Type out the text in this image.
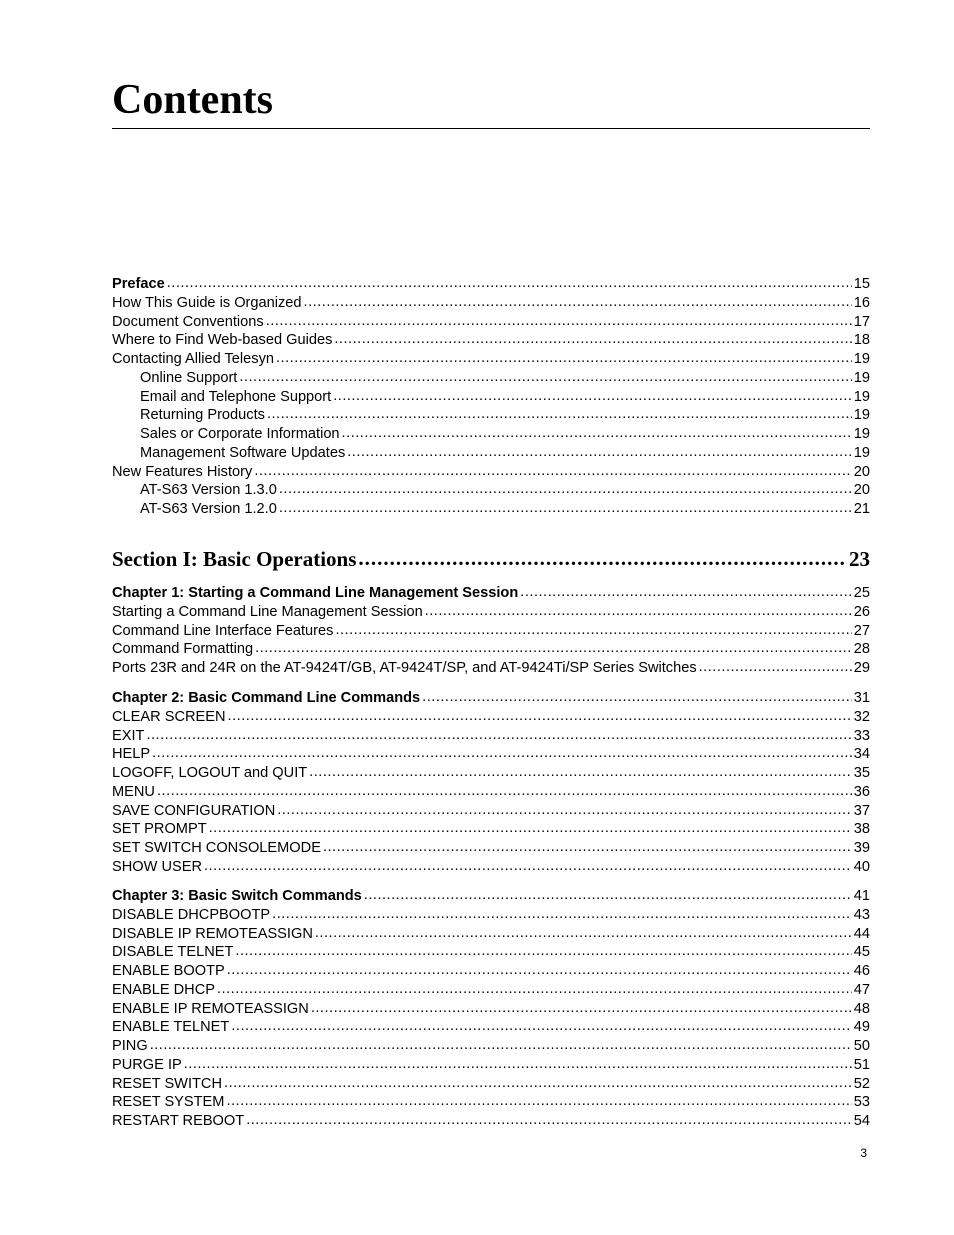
Contents
Preface .....	15
How This Guide is Organized .....	16
Document Conventions .....	17
Where to Find Web-based Guides .....	18
Contacting Allied Telesyn .....	19
Online Support .....	19
Email and Telephone Support .....	19
Returning Products .....	19
Sales or Corporate Information .....	19
Management Software Updates .....	19
New Features History .....	20
AT-S63 Version 1.3.0 .....	20
AT-S63 Version 1.2.0 .....	21
Section I: Basic Operations .....	23
Chapter 1: Starting a Command Line Management Session .....	25
Starting a Command Line Management Session .....	26
Command Line Interface Features .....	27
Command Formatting .....	28
Ports 23R and 24R on the AT-9424T/GB, AT-9424T/SP, and AT-9424Ti/SP Series Switches .....	29
Chapter 2: Basic Command Line Commands .....	31
CLEAR SCREEN .....	32
EXIT .....	33
HELP .....	34
LOGOFF, LOGOUT and QUIT .....	35
MENU .....	36
SAVE CONFIGURATION .....	37
SET PROMPT .....	38
SET SWITCH CONSOLEMODE .....	39
SHOW USER .....	40
Chapter 3: Basic Switch Commands .....	41
DISABLE DHCPBOOTP .....	43
DISABLE IP REMOTEASSIGN .....	44
DISABLE TELNET .....	45
ENABLE BOOTP .....	46
ENABLE DHCP .....	47
ENABLE IP REMOTEASSIGN .....	48
ENABLE TELNET .....	49
PING .....	50
PURGE IP .....	51
RESET SWITCH .....	52
RESET SYSTEM .....	53
RESTART REBOOT .....	54
3
